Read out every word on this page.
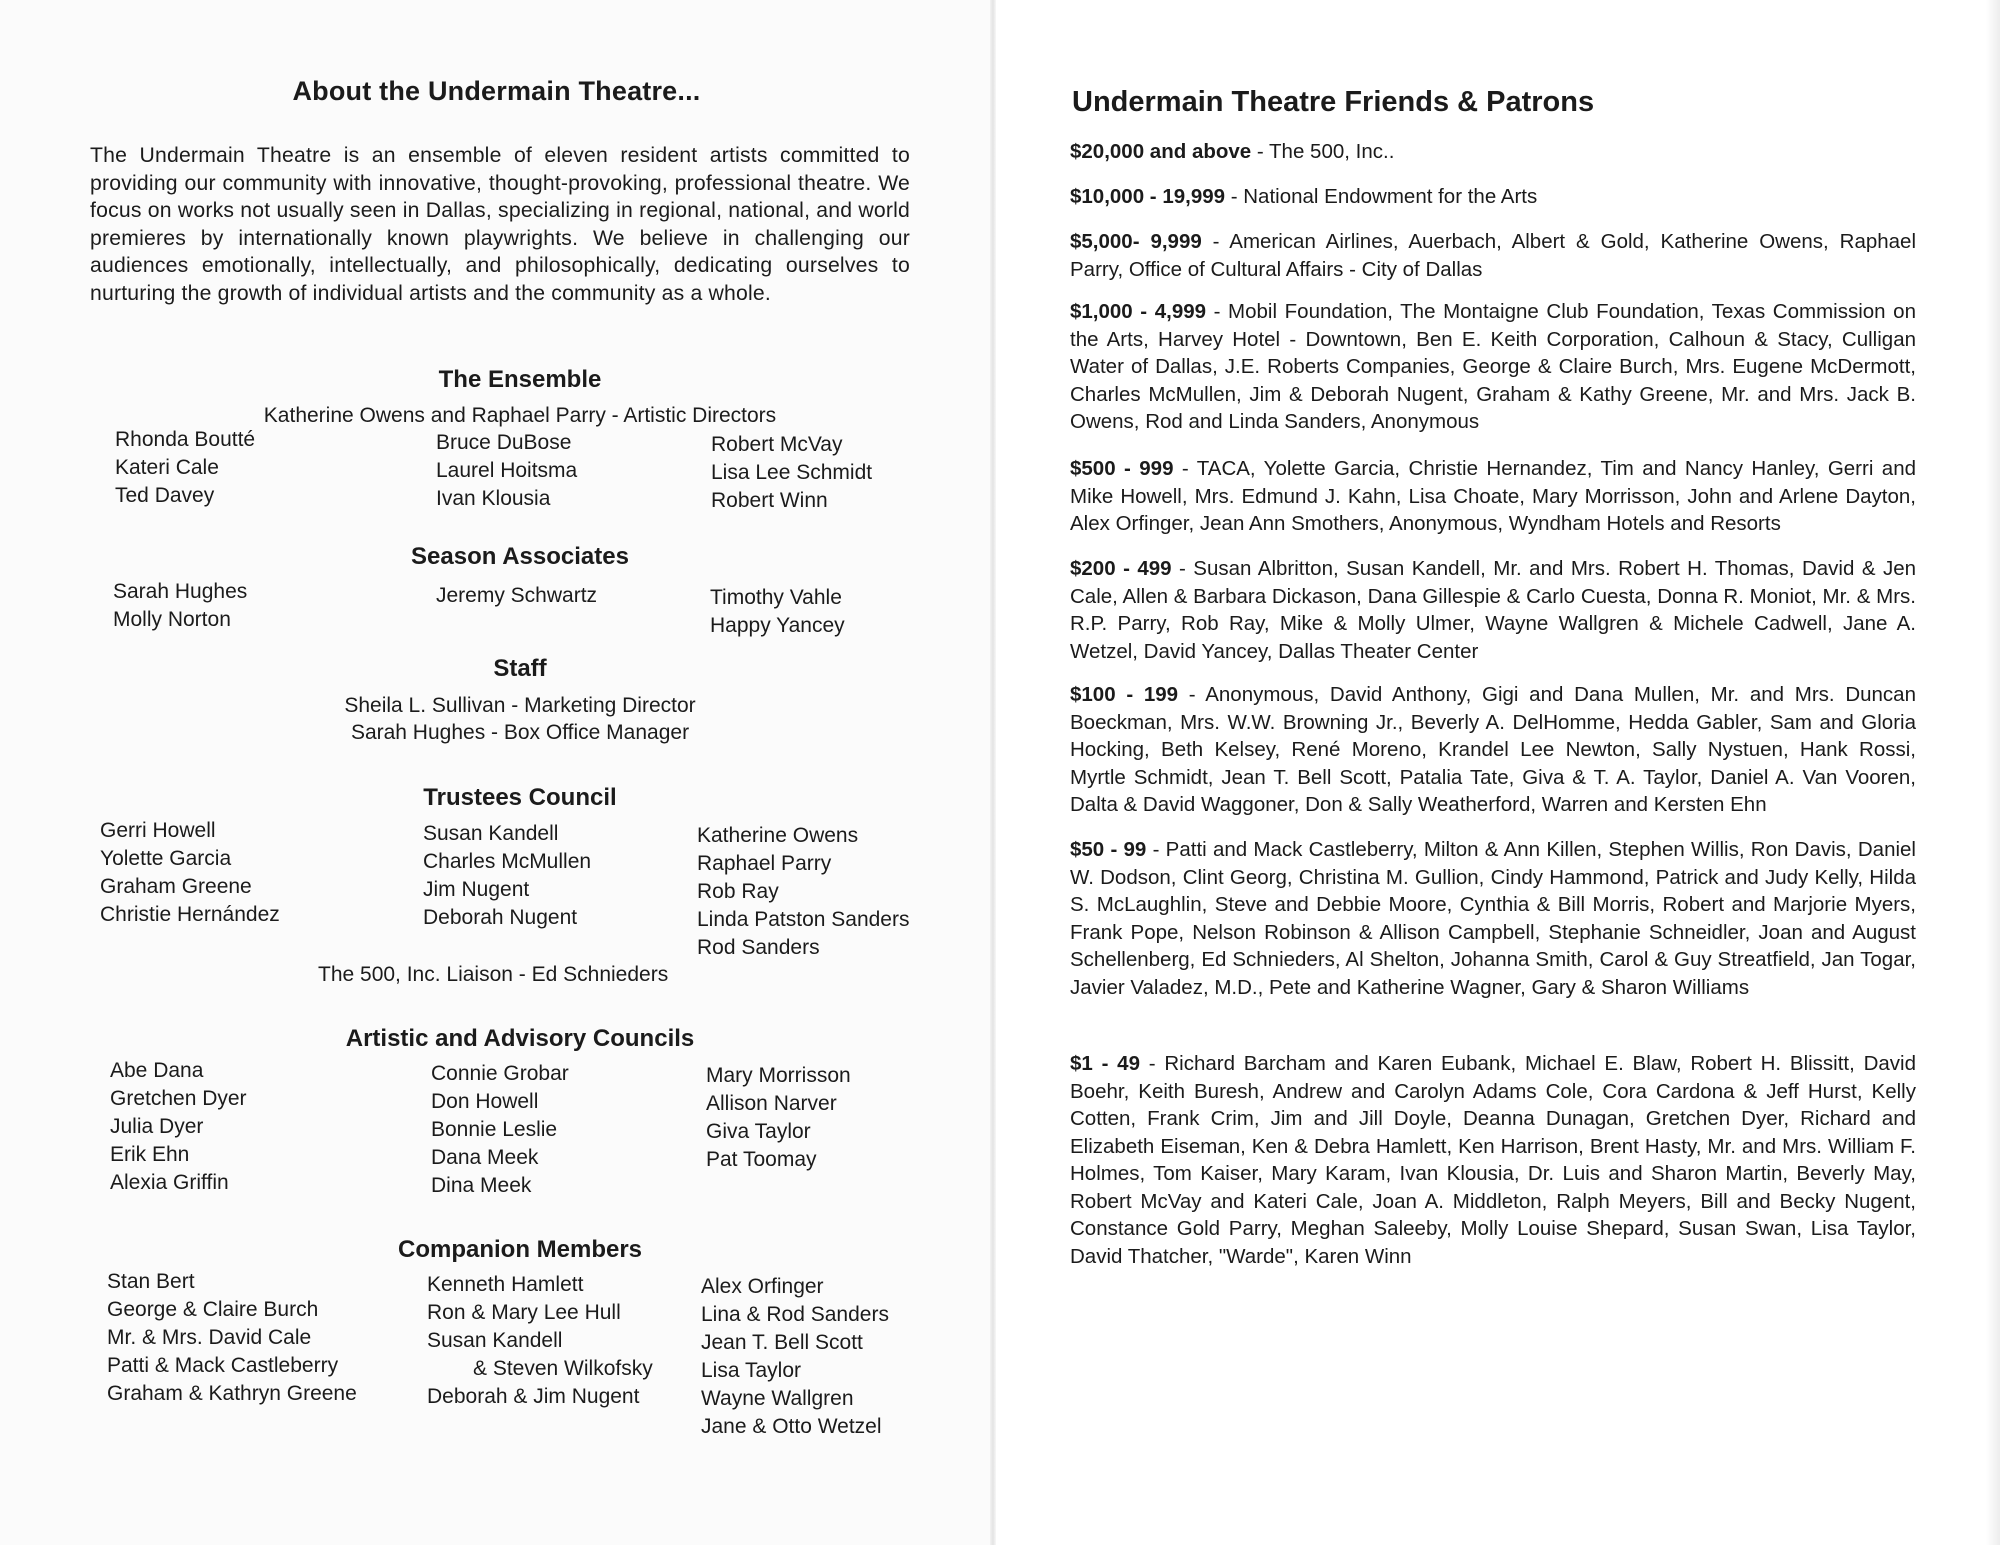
About the Undermain Theatre...

The Undermain Theatre is an ensemble of eleven resident artists committed to providing our community with innovative, thought-provoking, professional theatre. We focus on works not usually seen in Dallas, specializing in regional, national, and world premieres by internationally known playwrights. We believe in challenging our audiences emotionally, intellectually, and philosophically, dedicating ourselves to nurturing the growth of individual artists and the community as a whole.

The Ensemble

Katherine Owens and Raphael Parry - Artistic Directors

Rhonda Boutté
Kateri Cale
Ted Davey
Bruce DuBose
Laurel Hoitsma
Ivan Klousia
Robert McVay
Lisa Lee Schmidt
Robert Winn
Season Associates
Sarah Hughes
Molly Norton
Jeremy Schwartz	Timothy Vahle
Happy Yancey
Staff

Sheila L. Sullivan - Marketing Director

Sarah Hughes - Box Office Manager

Trustees Council
Gerri Howell
Yolette Garcia
Graham Greene
Christie Hernández
Susan Kandell
Charles McMullen
Jim Nugent
Deborah Nugent
Katherine Owens
Raphael Parry
Rob Ray
Linda Patston Sanders
Rod Sanders

The 500, Inc. Liaison - Ed Schnieders

Artistic and Advisory Councils
Abe Dana
Gretchen Dyer
Julia Dyer
Erik Ehn
Alexia Griffin
Connie Grobar
Don Howell
Bonnie Leslie
Dana Meek
Dina Meek
Mary Morrisson
Allison Narver
Giva Taylor
Pat Toomay
Companion Members
Stan Bert
George & Claire Burch
Mr. & Mrs. David Cale
Patti & Mack Castleberry
Graham & Kathryn Greene
Kenneth Hamlett
Ron & Mary Lee Hull
Susan Kandell
& Steven Wilkofsky
Deborah & Jim Nugent
Alex Orfinger
Lina & Rod Sanders
Jean T. Bell Scott
Lisa Taylor
Wayne Wallgren
Jane & Otto Wetzel
Undermain Theatre Friends & Patrons

$20,000 and above - The 500, Inc..

$10,000 - 19,999 - National Endowment for the Arts

$5,000- 9,999 - American Airlines, Auerbach, Albert & Gold, Katherine Owens, Raphael Parry, Office of Cultural Affairs - City of Dallas

$1,000 - 4,999 - Mobil Foundation, The Montaigne Club Foundation, Texas Commission on the Arts, Harvey Hotel - Downtown, Ben E. Keith Corporation, Calhoun & Stacy, Culligan Water of Dallas, J.E. Roberts Companies, George & Claire Burch, Mrs. Eugene McDermott, Charles McMullen, Jim & Deborah Nugent, Graham & Kathy Greene, Mr. and Mrs. Jack B. Owens, Rod and Linda Sanders, Anonymous

$500 - 999 - TACA, Yolette Garcia, Christie Hernandez, Tim and Nancy Hanley, Gerri and Mike Howell, Mrs. Edmund J. Kahn, Lisa Choate, Mary Morrisson, John and Arlene Dayton, Alex Orfinger, Jean Ann Smothers, Anonymous, Wyndham Hotels and Resorts

$200 - 499 - Susan Albritton, Susan Kandell, Mr. and Mrs. Robert H. Thomas, David & Jen Cale, Allen & Barbara Dickason, Dana Gillespie & Carlo Cuesta, Donna R. Moniot, Mr. & Mrs. R.P. Parry, Rob Ray, Mike & Molly Ulmer, Wayne Wallgren & Michele Cadwell, Jane A. Wetzel, David Yancey, Dallas Theater Center

$100 - 199 - Anonymous, David Anthony, Gigi and Dana Mullen, Mr. and Mrs. Duncan Boeckman, Mrs. W.W. Browning Jr., Beverly A. DelHomme, Hedda Gabler, Sam and Gloria Hocking, Beth Kelsey, René Moreno, Krandel Lee Newton, Sally Nystuen, Hank Rossi, Myrtle Schmidt, Jean T. Bell Scott, Patalia Tate, Giva & T. A. Taylor, Daniel A. Van Vooren, Dalta & David Waggoner, Don & Sally Weatherford, Warren and Kersten Ehn

$50 - 99 - Patti and Mack Castleberry, Milton & Ann Killen, Stephen Willis, Ron Davis, Daniel W. Dodson, Clint Georg, Christina M. Gullion, Cindy Hammond, Patrick and Judy Kelly, Hilda S. McLaughlin, Steve and Debbie Moore, Cynthia & Bill Morris, Robert and Marjorie Myers, Frank Pope, Nelson Robinson & Allison Campbell, Stephanie Schneidler, Joan and August Schellenberg, Ed Schnieders, Al Shelton, Johanna Smith, Carol & Guy Streatfield, Jan Togar, Javier Valadez, M.D., Pete and Katherine Wagner, Gary & Sharon Williams

$1 - 49 - Richard Barcham and Karen Eubank, Michael E. Blaw, Robert H. Blissitt, David Boehr, Keith Buresh, Andrew and Carolyn Adams Cole, Cora Cardona & Jeff Hurst, Kelly Cotten, Frank Crim, Jim and Jill Doyle, Deanna Dunagan, Gretchen Dyer, Richard and Elizabeth Eiseman, Ken & Debra Hamlett, Ken Harrison, Brent Hasty, Mr. and Mrs. William F. Holmes, Tom Kaiser, Mary Karam, Ivan Klousia, Dr. Luis and Sharon Martin, Beverly May, Robert McVay and Kateri Cale, Joan A. Middleton, Ralph Meyers, Bill and Becky Nugent, Constance Gold Parry, Meghan Saleeby, Molly Louise Shepard, Susan Swan, Lisa Taylor, David Thatcher, "Warde", Karen Winn
